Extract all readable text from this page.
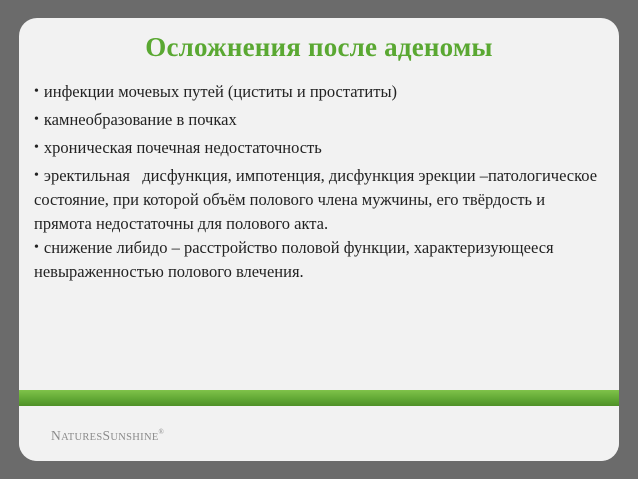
Осложнения после аденомы

• инфекции мочевых путей (циститы и простатиты)

• камнеобразование в почках

• хроническая почечная недостаточность

• эректильная   дисфункция, импотенция, дисфункция эрекции –патологическое состояние, при которой объём полового члена мужчины, его твёрдость и прямота недостаточны для полового акта.

• снижение либидо – расстройство половой функции, характеризующееся невыраженностью полового влечения.

NATURESSUNSHINE®
